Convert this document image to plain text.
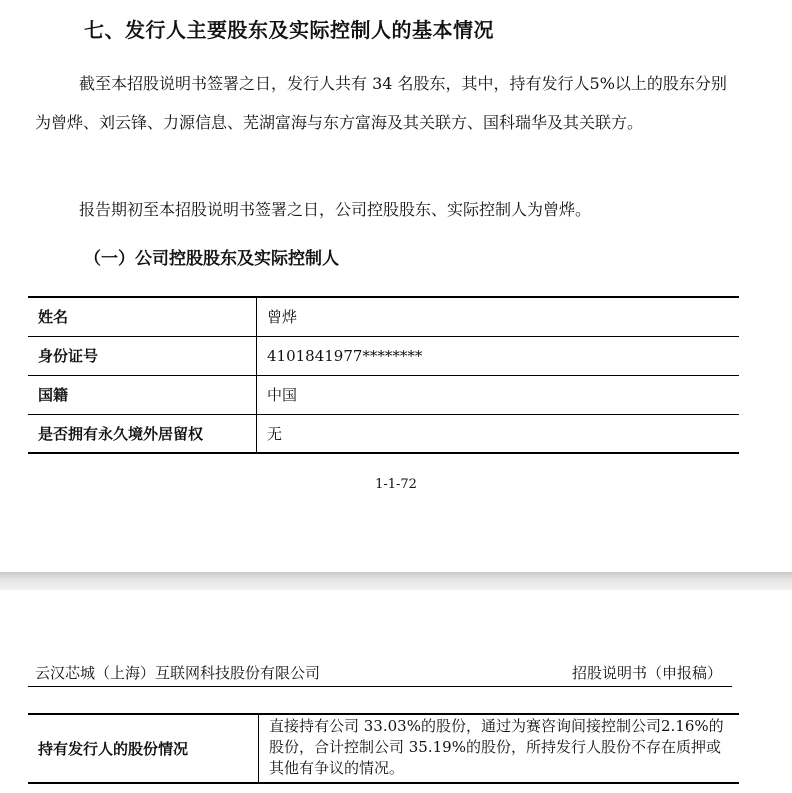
七、发行人主要股东及实际控制人的基本情况

截至本招股说明书签署之日，发行人共有 34 名股东，其中，持有发行人5%以上的股东分别为曾烨、刘云锋、力源信息、芜湖富海与东方富海及其关联方、国科瑞华及其关联方。

报告期初至本招股说明书签署之日，公司控股股东、实际控制人为曾烨。

（一）公司控股股东及实际控制人
姓名	曾烨
身份证号	4101841977********
国籍	中国
是否拥有永久境外居留权	无
1-1-72
云汉芯城（上海）互联网科技股份有限公司	招股说明书（申报稿）
持有发行人的股份情况	直接持有公司 33.03%的股份，通过为赛咨询间接控制公司2.16%的股份，合计控制公司 35.19%的股份，所持发行人股份不存在质押或其他有争议的情况。
